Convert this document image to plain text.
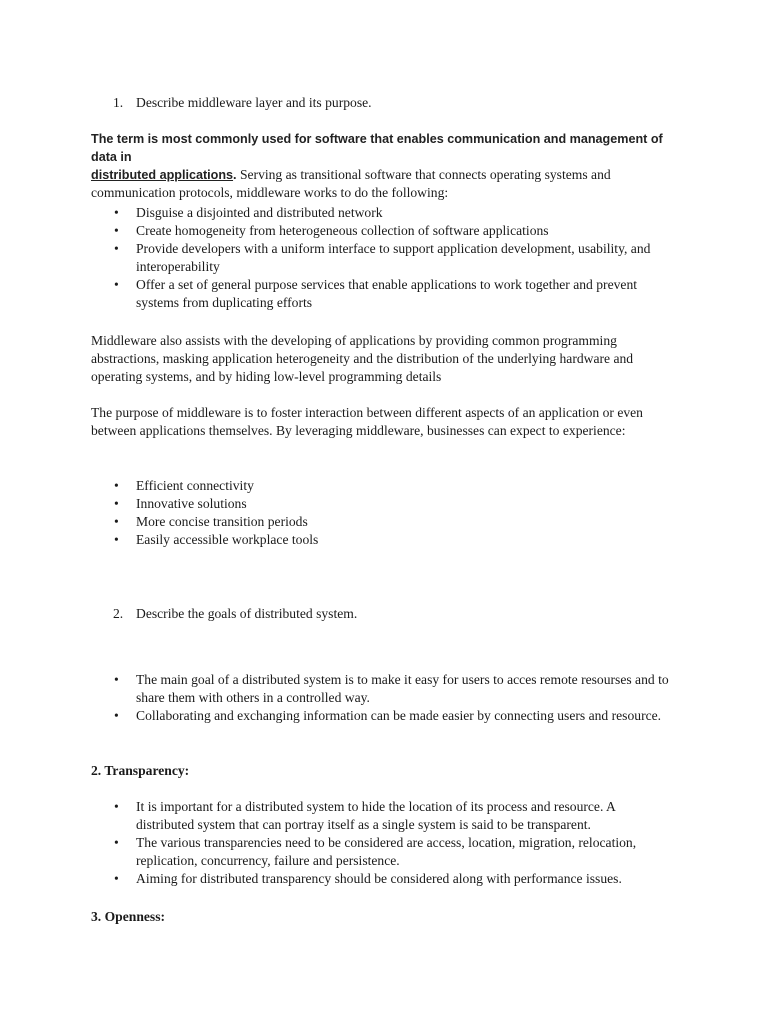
1. Describe middleware layer and its purpose.

The term is most commonly used for software that enables communication and management of data in
distributed applications. Serving as transitional software that connects operating systems and communication protocols, middleware works to do the following:

• Disguise a disjointed and distributed network
• Create homogeneity from heterogeneous collection of software applications
• Provide developers with a uniform interface to support application development, usability, and interoperability
• Offer a set of general purpose services that enable applications to work together and prevent systems from duplicating efforts

Middleware also assists with the developing of applications by providing common programming abstractions, masking application heterogeneity and the distribution of the underlying hardware and operating systems, and by hiding low-level programming details

The purpose of middleware is to foster interaction between different aspects of an application or even between applications themselves. By leveraging middleware, businesses can expect to experience:

• Efficient connectivity
• Innovative solutions
• More concise transition periods
• Easily accessible workplace tools
2. Describe the goals of distributed system.
• The main goal of a distributed system is to make it easy for users to acces remote resourses and to share them with others in a controlled way.
• Collaborating and exchanging information can be made easier by connecting users and resource.
2. Transparency:
• It is important for a distributed system to hide the location of its process and resource. A distributed system that can portray itself as a single system is said to be transparent.
• The various transparencies need to be considered are access, location, migration, relocation, replication, concurrency, failure and persistence.
• Aiming for distributed transparency should be considered along with performance issues.
3. Openness:
